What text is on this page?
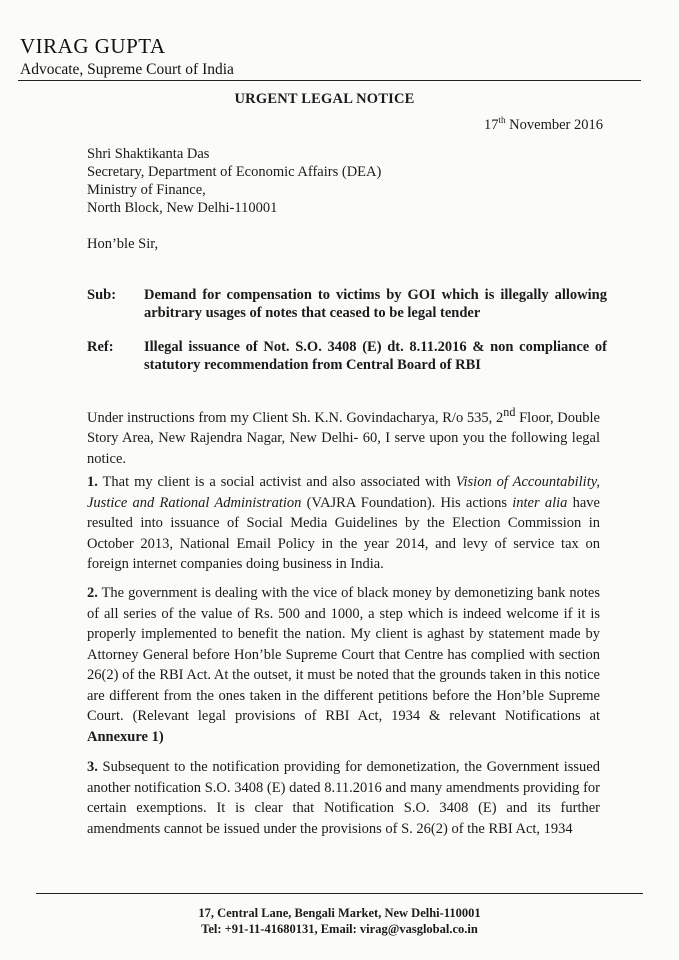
VIRAG GUPTA
Advocate, Supreme Court of India
URGENT LEGAL NOTICE
17th November 2016
Shri Shaktikanta Das
Secretary, Department of Economic Affairs (DEA)
Ministry of Finance,
North Block, New Delhi-110001
Hon’ble Sir,
Sub: Demand for compensation to victims by GOI which is illegally allowing arbitrary usages of notes that ceased to be legal tender
Ref: Illegal issuance of Not. S.O. 3408 (E) dt. 8.11.2016 & non compliance of statutory recommendation from Central Board of RBI
Under instructions from my Client Sh. K.N. Govindacharya, R/o 535, 2nd Floor, Double Story Area, New Rajendra Nagar, New Delhi- 60, I serve upon you the following legal notice.
1. That my client is a social activist and also associated with Vision of Accountability, Justice and Rational Administration (VAJRA Foundation). His actions inter alia have resulted into issuance of Social Media Guidelines by the Election Commission in October 2013, National Email Policy in the year 2014, and levy of service tax on foreign internet companies doing business in India.
2. The government is dealing with the vice of black money by demonetizing bank notes of all series of the value of Rs. 500 and 1000, a step which is indeed welcome if it is properly implemented to benefit the nation. My client is aghast by statement made by Attorney General before Hon’ble Supreme Court that Centre has complied with section 26(2) of the RBI Act. At the outset, it must be noted that the grounds taken in this notice are different from the ones taken in the different petitions before the Hon’ble Supreme Court. (Relevant legal provisions of RBI Act, 1934 & relevant Notifications at Annexure 1)
3. Subsequent to the notification providing for demonetization, the Government issued another notification S.O. 3408 (E) dated 8.11.2016 and many amendments providing for certain exemptions. It is clear that Notification S.O. 3408 (E) and its further amendments cannot be issued under the provisions of S. 26(2) of the RBI Act, 1934
17, Central Lane, Bengali Market, New Delhi-110001
Tel: +91-11-41680131, Email: virag@vasglobal.co.in
